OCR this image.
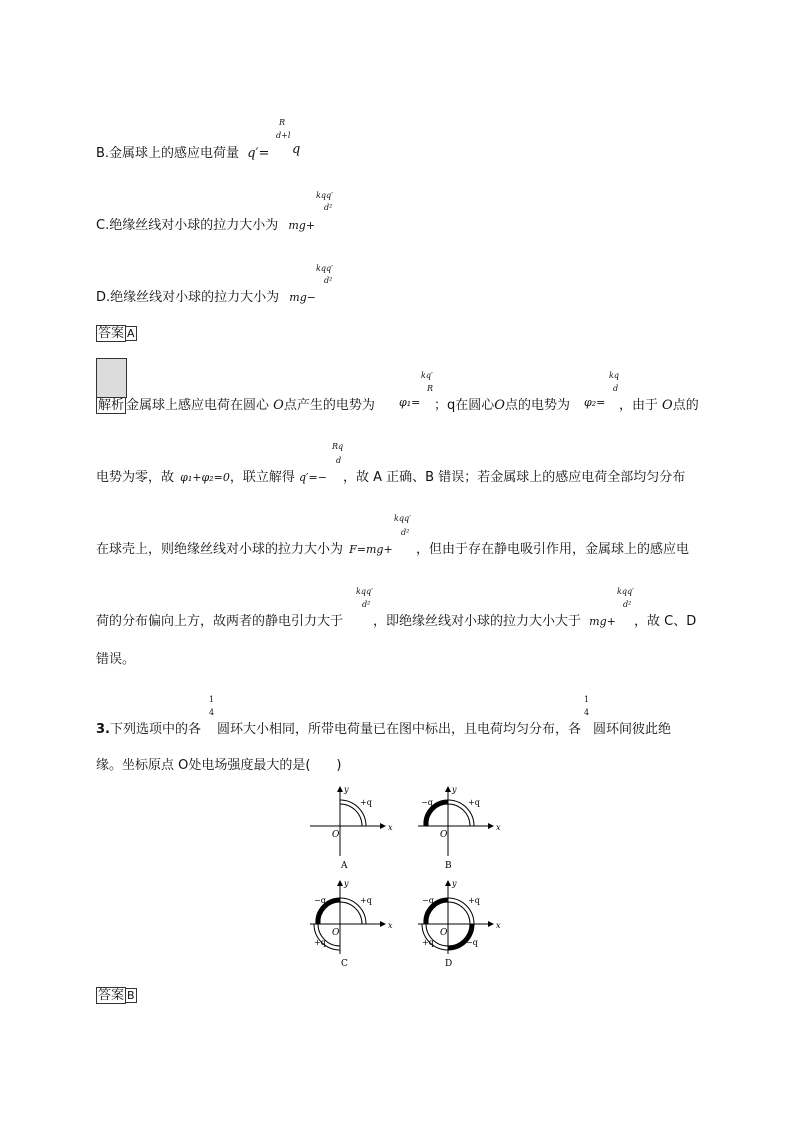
B.金属球上的感应电荷量 q′=
R
d+l
q
C.绝缘丝线对小球的拉力大小为 mg+
kqq′
d²
D.绝缘丝线对小球的拉力大小为 mg−
kqq′
d²
答案 A
解析 金属球上感应电荷在圆心 O点产生的电势为 φ₁=
kq′
R
；q在圆心O点的电势为 φ₂=
kq
d
，由于 O点的
电势为零，故 φ₁+φ₂=0，联立解得 q′=−
Rq
d
，故 A 正确、B 错误；若金属球上的感应电荷全部均匀分布
在球壳上，则绝缘丝线对小球的拉力大小为 F=mg+
kqq′
d²
，但由于存在静电吸引作用，金属球上的感应电
荷的分布偏向上方，故两者的静电引力大于
kqq′
d²
，即绝缘丝线对小球的拉力大小大于 mg+
kqq′
d²
，故 C、D
错误。
3.下列选项中的各
1
4
圆环大小相同，所带电荷量已在图中标出，且电荷均匀分布，各
1
4
圆环间彼此绝
缘。坐标原点 O处电场强度最大的是(　　)
y
x
O
+q
A
y
x
O
+q
−q
B
y
x
O
+q
−q
+q
C
y
x
O
+q
−q
+q	−q
D
答案 B
